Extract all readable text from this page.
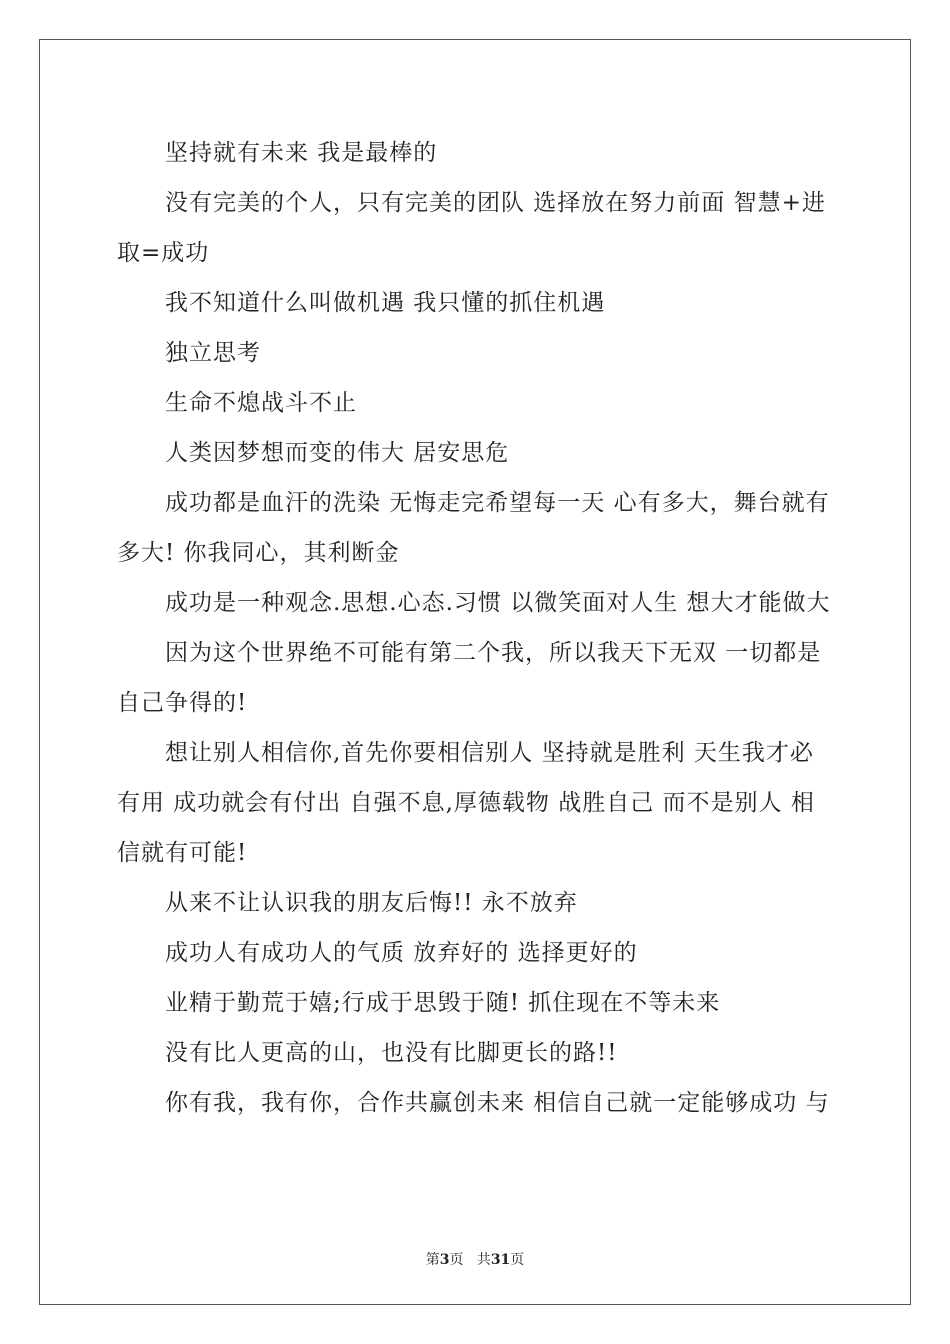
坚持就有未来 我是最棒的

没有完美的个人，只有完美的团队 选择放在努力前面 智慧+进取=成功

我不知道什么叫做机遇 我只懂的抓住机遇

独立思考

生命不熄战斗不止

人类因梦想而变的伟大 居安思危

成功都是血汗的洗染 无悔走完希望每一天 心有多大，舞台就有多大! 你我同心，其利断金

成功是一种观念.思想.心态.习惯 以微笑面对人生 想大才能做大

因为这个世界绝不可能有第二个我，所以我天下无双 一切都是自己争得的!

想让别人相信你,首先你要相信别人 坚持就是胜利 天生我才必有用 成功就会有付出 自强不息,厚德载物 战胜自己 而不是别人 相信就有可能!

从来不让认识我的朋友后悔!! 永不放弃

成功人有成功人的气质 放弃好的 选择更好的

业精于勤荒于嬉;行成于思毁于随! 抓住现在不等未来

没有比人更高的山，也没有比脚更长的路!!

你有我，我有你，合作共赢创未来 相信自己就一定能够成功 与

第3页 共31页
